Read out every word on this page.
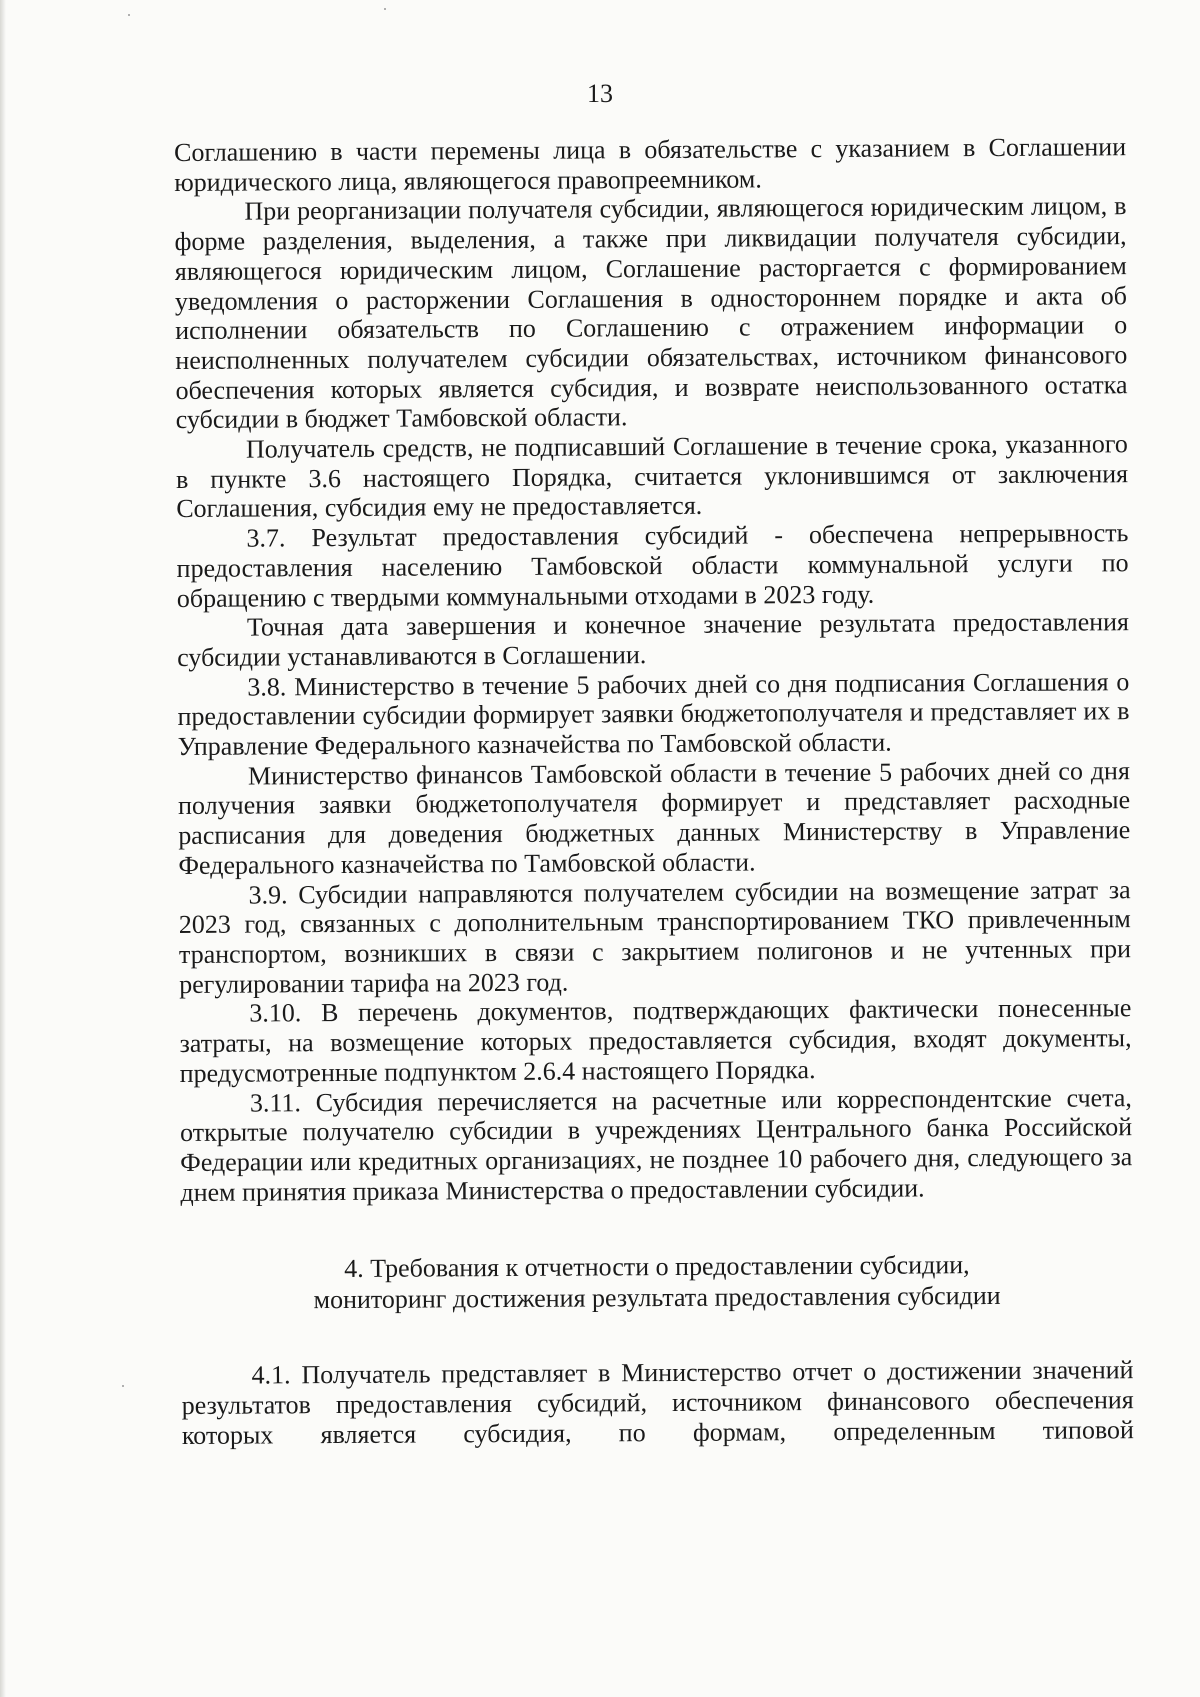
13

Соглашению в части перемены лица в обязательстве с указанием в Соглашении юридического лица, являющегося правопреемником.

При реорганизации получателя субсидии, являющегося юридическим лицом, в форме разделения, выделения, а также при ликвидации получателя субсидии, являющегося юридическим лицом, Соглашение расторгается с формированием уведомления о расторжении Соглашения в одностороннем порядке и акта об исполнении обязательств по Соглашению с отражением информации о неисполненных получателем субсидии обязательствах, источником финансового обеспечения которых является субсидия, и возврате неиспользованного остатка субсидии в бюджет Тамбовской области.

Получатель средств, не подписавший Соглашение в течение срока, указанного в пункте 3.6 настоящего Порядка, считается уклонившимся от заключения Соглашения, субсидия ему не предоставляется.

3.7. Результат предоставления субсидий - обеспечена непрерывность предоставления населению Тамбовской области коммунальной услуги по обращению с твердыми коммунальными отходами в 2023 году.

Точная дата завершения и конечное значение результата предоставления субсидии устанавливаются в Соглашении.

3.8. Министерство в течение 5 рабочих дней со дня подписания Соглашения о предоставлении субсидии формирует заявки бюджетополучателя и представляет их в Управление Федерального казначейства по Тамбовской области.

Министерство финансов Тамбовской области в течение 5 рабочих дней со дня получения заявки бюджетополучателя формирует и представляет расходные расписания для доведения бюджетных данных Министерству в Управление Федерального казначейства по Тамбовской области.

3.9. Субсидии направляются получателем субсидии на возмещение затрат за 2023 год, связанных с дополнительным транспортированием ТКО привлеченным транспортом, возникших в связи с закрытием полигонов и не учтенных при регулировании тарифа на 2023 год.

3.10. В перечень документов, подтверждающих фактически понесенные затраты, на возмещение которых предоставляется субсидия, входят документы, предусмотренные подпунктом 2.6.4 настоящего Порядка.

3.11. Субсидия перечисляется на расчетные или корреспондентские счета, открытые получателю субсидии в учреждениях Центрального банка Российской Федерации или кредитных организациях, не позднее 10 рабочего дня, следующего за днем принятия приказа Министерства о предоставлении субсидии.

4. Требования к отчетности о предоставлении субсидии,
мониторинг достижения результата предоставления субсидии

4.1. Получатель представляет в Министерство отчет о достижении значений результатов предоставления субсидий, источником финансового обеспечения которых является субсидия, по формам, определенным типовой
